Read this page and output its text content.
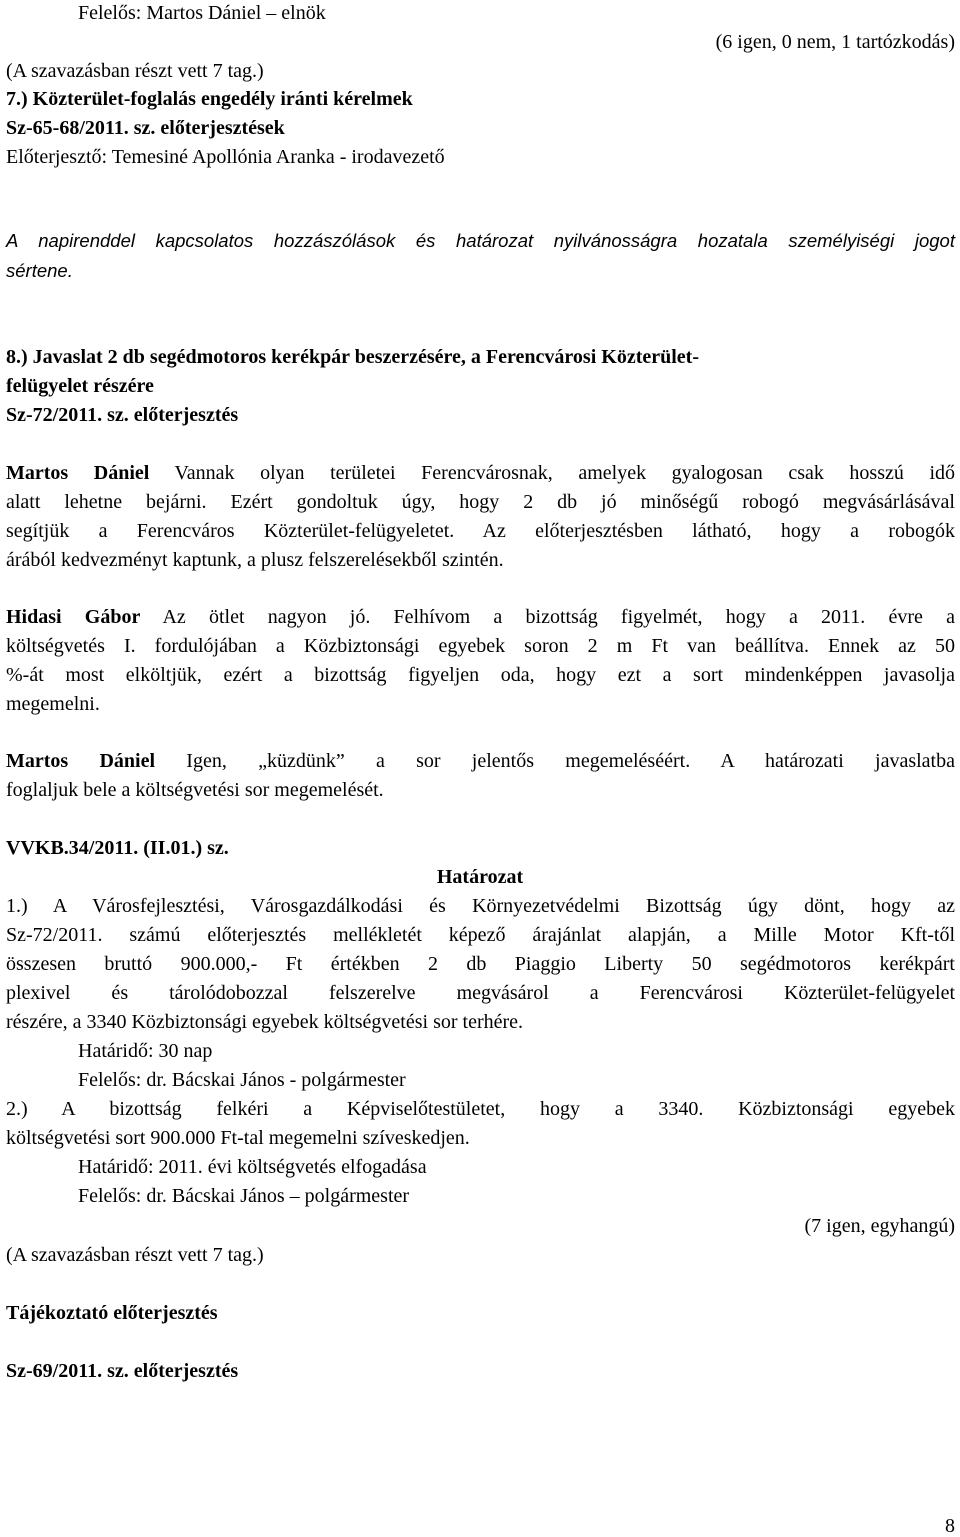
Felelős: Martos Dániel – elnök
(6 igen, 0 nem, 1 tartózkodás)
(A szavazásban részt vett 7 tag.)
7.) Közterület-foglalás engedély iránti kérelmek
Sz-65-68/2011. sz. előterjesztések
Előterjesztő: Temesiné Apollónia Aranka - irodavezető
A napirenddel kapcsolatos hozzászólások és határozat nyilvánosságra hozatala személyiségi jogot
sértene.
8.) Javaslat 2 db segédmotoros kerékpár beszerzésére, a Ferencvárosi Közterület-
felügyelet részére
Sz-72/2011. sz. előterjesztés
Martos Dániel Vannak olyan területei Ferencvárosnak, amelyek gyalogosan csak hosszú idő
alatt lehetne bejárni. Ezért gondoltuk úgy, hogy 2 db jó minőségű robogó megvásárlásával
segítjük a Ferencváros Közterület-felügyeletet. Az előterjesztésben látható, hogy a robogók
árából kedvezményt kaptunk, a plusz felszerelésekből szintén.
Hidasi Gábor Az ötlet nagyon jó. Felhívom a bizottság figyelmét, hogy a 2011. évre a
költségvetés I. fordulójában a Közbiztonsági egyebek soron 2 m Ft van beállítva. Ennek az 50
%-át most elköltjük, ezért a bizottság figyeljen oda, hogy ezt a sort mindenképpen javasolja
megemelni.
Martos Dániel Igen, „küzdünk” a sor jelentős megemeléséért. A határozati javaslatba
foglaljuk bele a költségvetési sor megemelését.
VVKB.34/2011. (II.01.) sz.
Határozat
1.) A Városfejlesztési, Városgazdálkodási és Környezetvédelmi Bizottság úgy dönt, hogy az
Sz-72/2011. számú előterjesztés mellékletét képező árajánlat alapján, a Mille Motor Kft-től
összesen bruttó 900.000,- Ft értékben 2 db Piaggio Liberty 50 segédmotoros kerékpárt
plexivel és tárolódobozzal felszerelve megvásárol a Ferencvárosi Közterület-felügyelet
részére, a 3340 Közbiztonsági egyebek költségvetési sor terhére.
Határidő: 30 nap
Felelős: dr. Bácskai János - polgármester
2.) A bizottság felkéri a Képviselőtestületet, hogy a 3340. Közbiztonsági egyebek
költségvetési sort 900.000 Ft-tal megemelni szíveskedjen.
Határidő: 2011. évi költségvetés elfogadása
Felelős: dr. Bácskai János – polgármester
(7 igen, egyhangú)
(A szavazásban részt vett 7 tag.)
Tájékoztató előterjesztés
Sz-69/2011. sz. előterjesztés
8
